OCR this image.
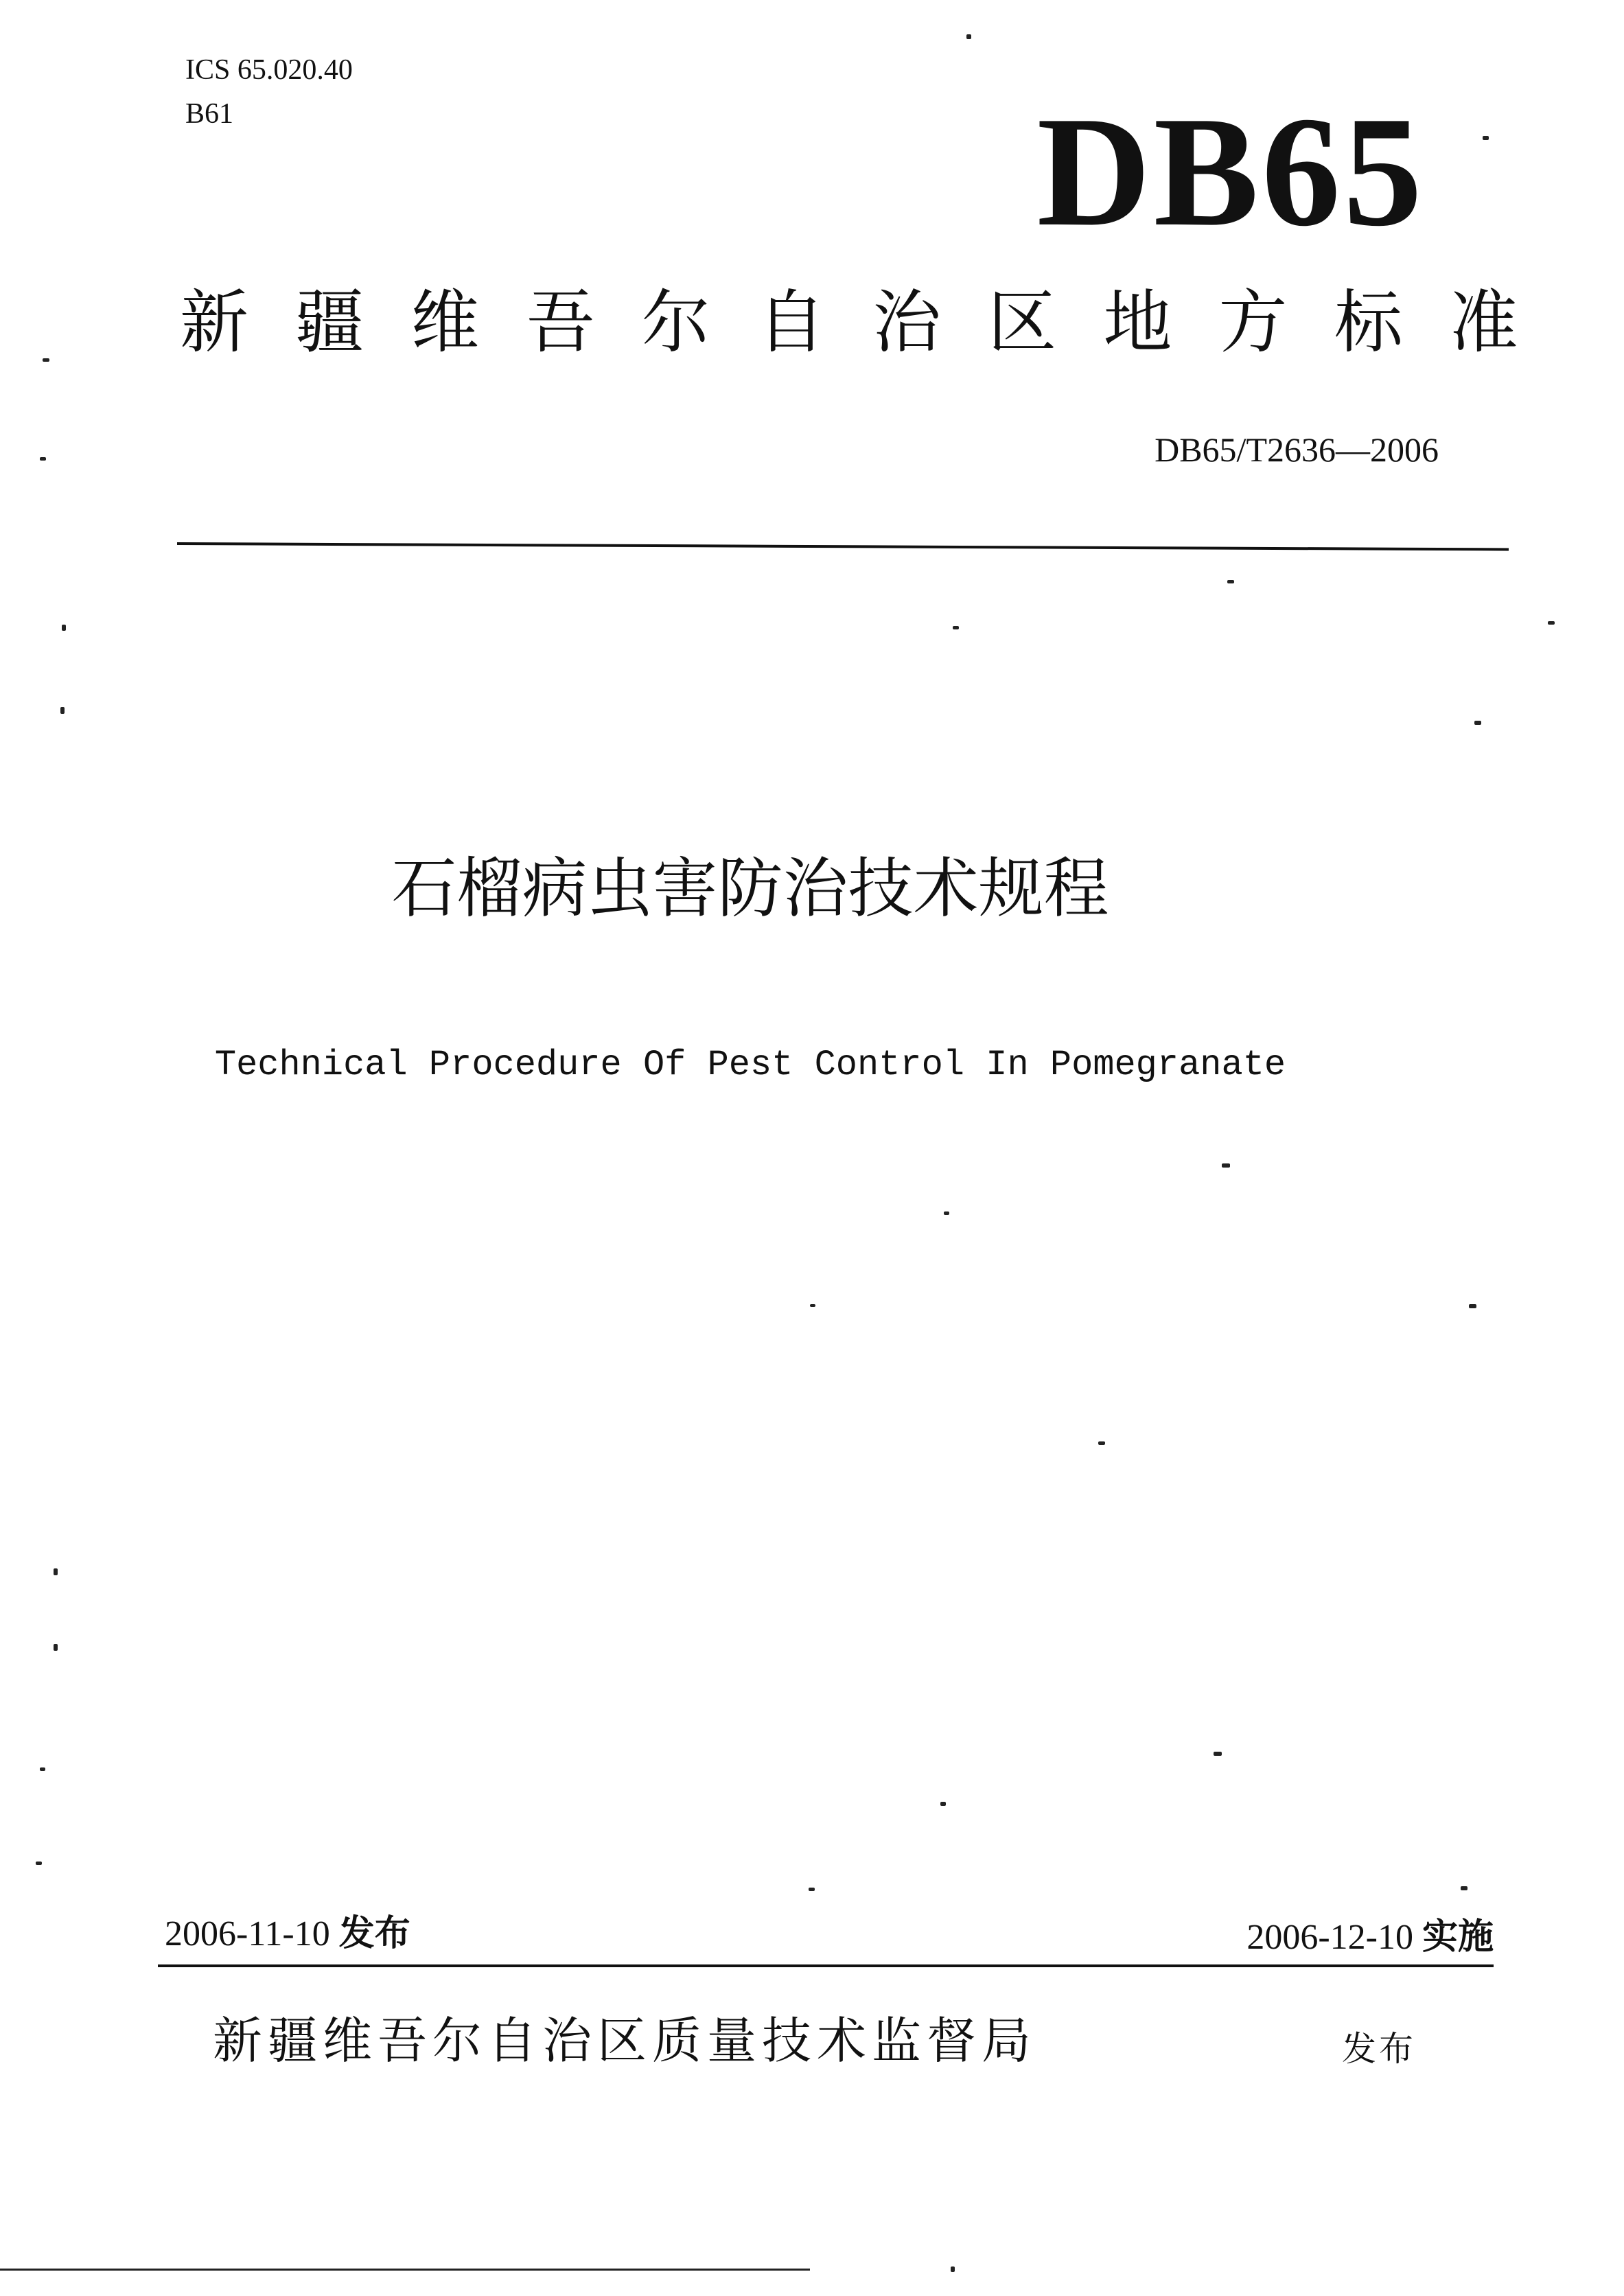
ICS 65.020.40
B61	DB65
新 疆 维 吾 尔 自 治 区 地 方 标 准
DB65/T2636—2006
石榴病虫害防治技术规程
Technical Procedure Of Pest Control In Pomegranate
2006-11-10 发布	2006-12-10 实施
新疆维吾尔自治区质量技术监督局	发布
